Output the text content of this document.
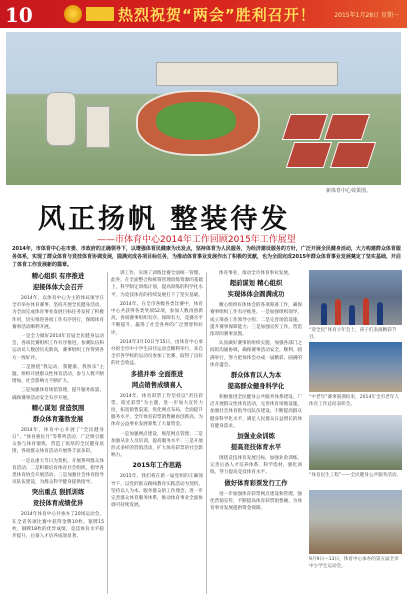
10	热烈祝贺“两会”胜利召开！	2015年1月28日 星期一
新体育中心效果图。
风正扬帆 整装待发
——市体育中心2014年工作回顾2015年工作展望
2014年，市体育中心在市委、市政府的正确领导下，以增强体育民健康为出发点，坚持体育为人民服务，为经济建设服务的方针，广泛开展全民健身活动，大力构建群众体育服务体系，实现了群众体育与竞技体育协调发展，圆满完成各项目标任务，为推动体育事业发展作出了积极的贡献，也为全面完成2015年群众体育事业发展奠定了坚实基础，开启了体育工作发展新的篇章。
精心组织 有序推进
迎接体体大会召开

2014年，以体育中心为主的体局领导在全市举办体育赛事，坚持开展全民健身活动，为全面完成体育事业发展目标任务发挥了积极作用，切实推进各项工作有序进行，保障体育赛事活动顺利开展。

一是全力做好2014年首届全民健身运动会，各项比赛组织工作有序推进，参赛队伍和运动员人数创历史新高，赛事组织工作得到各方一致好评。

二是围绕“我运动、我健康、我快乐”主题，组织开展群众性体育活动，参与人数不断增加，社会影响力不断扩大。

三是加强体育场馆管理，提升服务质量，确保赛事活动安全有序开展。

精心谋划 营造氛围
群众体育蓬勃发展

2014年，体育中心开展了“全民健身日”、“体育惠民月”等系列活动，广泛吸引群众参与体育锻炼，营造了浓厚的全民健身氛围，各项群众体育活动开展得丰富多彩。

一是以重大节日为契机，开展系列群众体育活动；二是积极培育体育社会组织，指导各类体育协会开展活动；三是加强社会体育指导员队伍建设，为群众科学健身提供指导。

突出重点 狠抓训练
竞技体育成绩优异

2014年体育中心共承办了20场运动会，在全省各项比赛中获得金牌10枚、银牌15枚、铜牌18枚的优异成绩，竞技体育水平稳步提升，后备人才培养成效显著。

训工作，实现了训练比赛全面统一管理。此外，在全面整合和统筹管理训练资源的基础上，科学制定训练计划，提高训练的科学化水平，为竞技体育的持续发展打下了坚实基础。

2014年，在全市各级各类比赛中，体育中心共获得各类奖项52项，参加人数再创新高，各项赛事组织有序、保障有力，竞赛水平不断提升，赢得了社会各界的广泛赞誉和好评。

2014年3月10日至15日，由体育中心承办的全市中小学生田径运动会顺利举行，来自全市各学校的运动员参加了比赛，取得了良好的社会效益。

多措并举 全面推进
网点销售成绩喜人

2014年，体育彩票工作坚持以“责任彩票、阳光彩票”为主题，进一步加大宣传力度，拓宽销售渠道，优化网点布局，全面提升服务水平，全年体育彩票销售额再创新高，为体育公益事业发展筹集了大量资金。

一是加强网点建设，规范网点管理；二是加强从业人员培训，提高服务水平；三是开展形式多样的营销活动，扩大体育彩票的社会影响力。

2015年工作思路

2015年，我们将在新一届党组的正确领导下，以党的群众路线教育实践活动为契机，坚持以人为本、服务群众的工作理念，进一步完善群众体育服务体系，推动体育事业全面协调可持续发展。

体育事业，推动全市体育事业发展。

超前谋划 精心组织
实现体体会圆满成功

精心组织好体体会的各项筹备工作，确保赛事组织工作有序推进。一是加强组织领导，成立筹备工作领导小组；二是完善场馆设施，提升赛事保障能力；三是加强宣传工作，营造浓厚的赛事氛围。

认真做好赛事的组织实施，加强各部门之间的沟通协调，确保赛事活动安全、顺利、圆满举行，努力把体体会办成一届精彩、圆满的体育盛会。

群众体育以人为本
提高群众健身科学化

积极推进全民健身公共服务体系建设，广泛开展群众性体育活动，完善体育场地设施，加强社会体育指导员队伍建设，不断提高群众健身科学化水平，满足人民群众日益增长的体育健身需求。

加强业余训练
提高竞技体育水平

围绕竞技体育发展目标，加强业余训练，完善后备人才培养体系，科学选材，强化训练，努力提高竞技体育水平。

做好体育彩票发行工作

进一步加强体育彩票网点建设和管理，强化营销宣传，不断提高体育彩票销售额，为体育事业发展提供资金保障。

“迎全民”体育小年会上，孩子们表演精彩节目。
“中老年”赛事圆满结束，2014年全市老年人体育工作总结表彰会。
“体育民生工程”——全民健身公共服务活动。
9月9日—13日，体育中心承办的第五届全市中小学生运动会。
